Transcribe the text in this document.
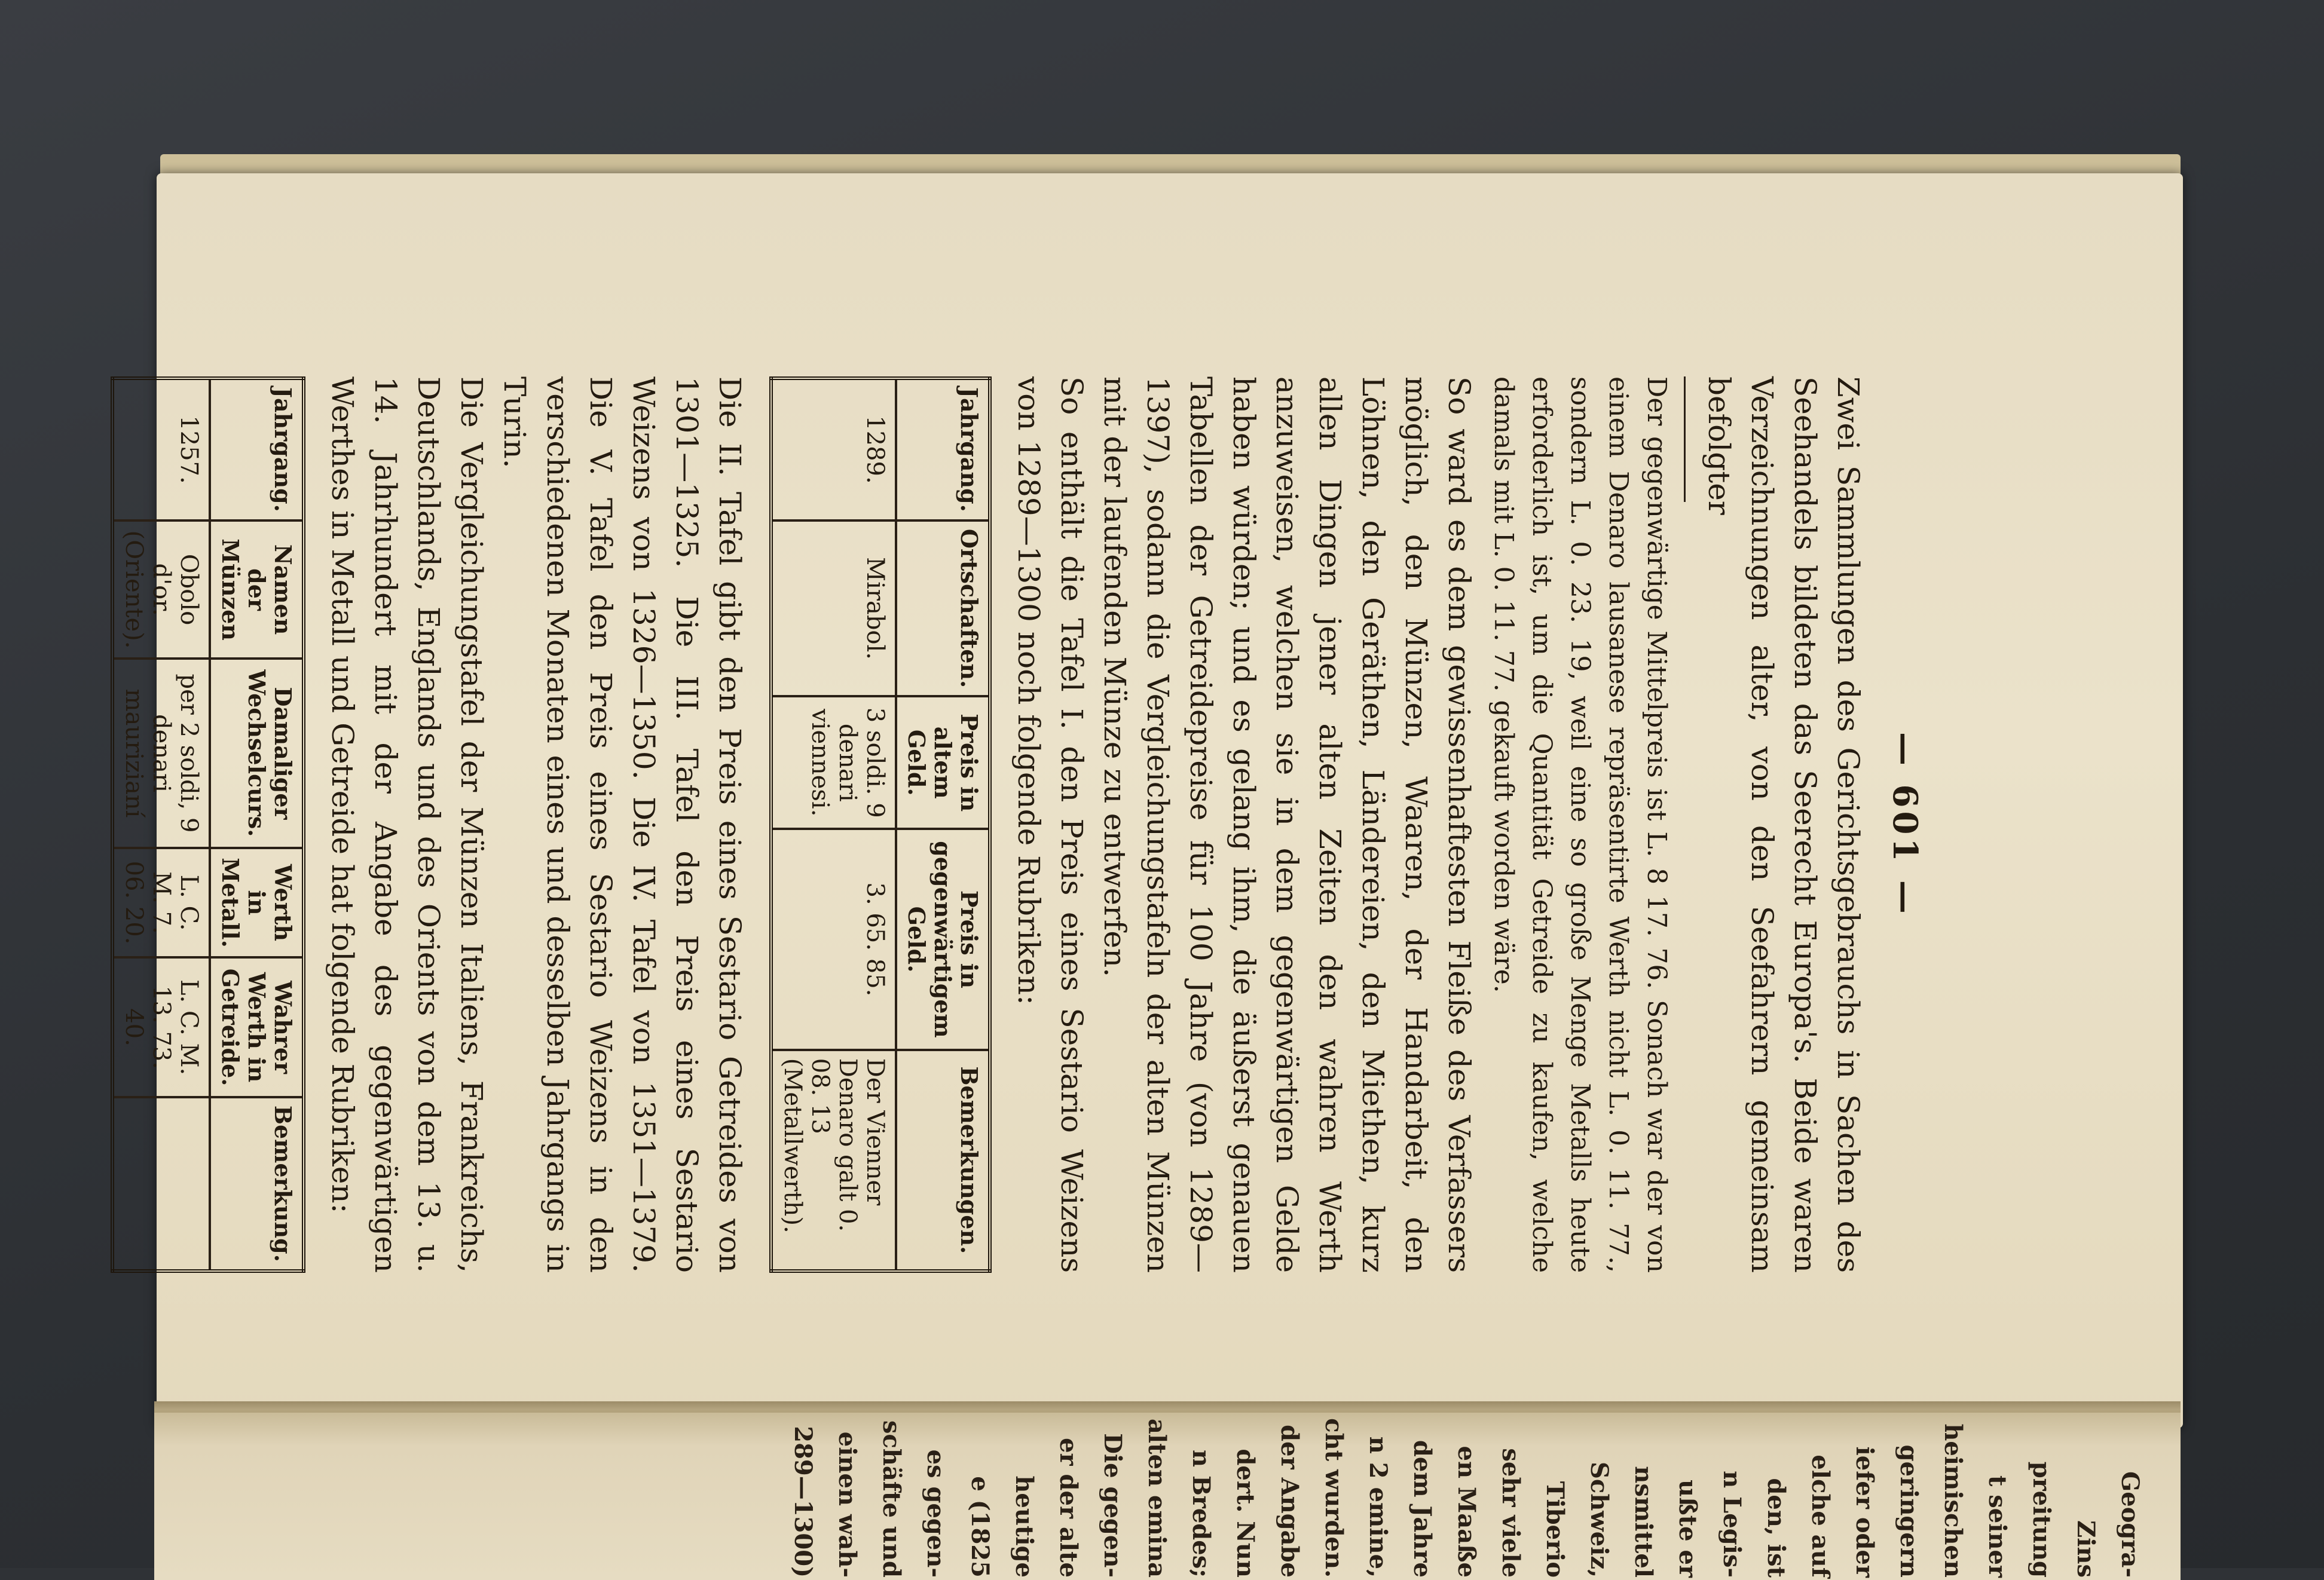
— 601 —

Zwei Sammlungen des Gerichtsgebrauchs in Sachen des Seehandels bildeten das Seerecht Europa's. Beide waren Verzeichnungen alter, von den Seefahrern gemeinsam befolgter

Der gegenwärtige Mittelpreis ist L. 8 17. 76. Sonach war der von einem Denaro lausanese repräsentirte Werth nicht L. 0. 11. 77., sondern L. 0. 23. 19, weil eine so große Menge Metalls heute erforderlich ist, um die Quantität Getreide zu kaufen, welche damals mit L. 0. 11. 77. gekauft worden wäre.

So ward es dem gewissenhaftesten Fleiße des Verfassers möglich, den Münzen, Waaren, der Handarbeit, den Löhnen, den Geräthen, Ländereien, den Miethen, kurz allen Dingen jener alten Zeiten den wahren Werth anzuweisen, welchen sie in dem gegenwärtigen Gelde haben würden; und es gelang ihm, die äußerst genauen Tabellen der Getreidepreise für 100 Jahre (von 1289—1397), sodann die Vergleichungstafeln der alten Münzen mit der laufenden Münze zu entwerfen.

So enthält die Tafel I. den Preis eines Sestario Weizens von 1289—1300 noch folgende Rubriken:

Jahrgang.	Ortschaften.	Preis in altem Geld.	Preis in gegenwärtigem Geld.	Bemerkungen.
1289.	Mirabol.	3 soldi. 9 denari viennesi.	3. 65. 85.	Der Vienner Denaro galt 0. 08. 13 (Metallwerth).

Die II. Tafel gibt den Preis eines Sestario Getreides von 1301—1325. Die III. Tafel den Preis eines Sestario Weizens von 1326—1350. Die IV. Tafel von 1351—1379. Die V. Tafel den Preis eines Sestario Weizens in den verschiedenen Monaten eines und desselben Jahrgangs in Turin.

Die Vergleichungstafel der Münzen Italiens, Frankreichs, Deutschlands, Englands und des Orients von dem 13. u. 14. Jahrhundert mit der Angabe des gegenwärtigen Werthes in Metall und Getreide hat folgende Rubriken:

Jahrgang.	Namen der Münzen	Damaliger Wechselcurs.	Werth in Metall.	Wahrer Werth in Getreide.	Bemerkung.
1257.	Obolo d'or. (Oriente).	per 2 soldi, 9 denari maurizianí	L. C. M. 7. 06. 20.	L. C. M. 13. 73. 40.	
Geogra-
Zins
preitung
t seiner
heimischen
geringern
iefer oder
elche auf
den, ist
n Legis-
ußte er
nsmittel
Schweiz,
Tiberio
sehr viele
en Maaße
dem Jahre
n 2 emine,
cht wurden.
der Angabe
dert. Nun
n Bredes;
alten emina
Die gegen-
er der alte
heutige
e (1825
es gegen-
schäfte und
einen wah-
289—1300)
